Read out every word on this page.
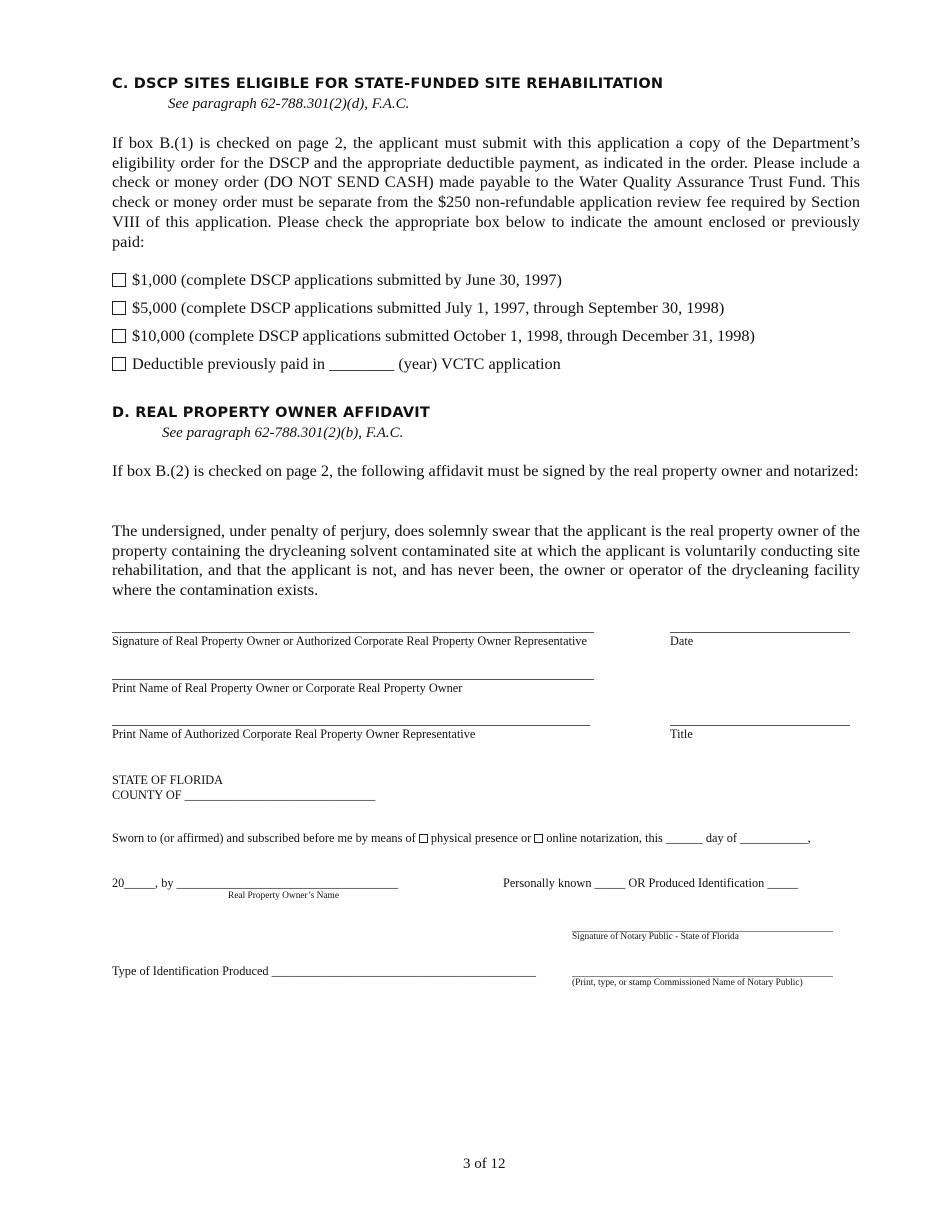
C. DSCP SITES ELIGIBLE FOR STATE-FUNDED SITE REHABILITATION
See paragraph 62-788.301(2)(d), F.A.C.
If box B.(1) is checked on page 2, the applicant must submit with this application a copy of the Department’s eligibility order for the DSCP and the appropriate deductible payment, as indicated in the order. Please include a check or money order (DO NOT SEND CASH) made payable to the Water Quality Assurance Trust Fund. This check or money order must be separate from the $250 non-refundable application review fee required by Section VIII of this application. Please check the appropriate box below to indicate the amount enclosed or previously paid:
$1,000 (complete DSCP applications submitted by June 30, 1997)
$5,000 (complete DSCP applications submitted July 1, 1997, through September 30, 1998)
$10,000 (complete DSCP applications submitted October 1, 1998, through December 31, 1998)
Deductible previously paid in ________ (year) VCTC application
D. REAL PROPERTY OWNER AFFIDAVIT
See paragraph 62-788.301(2)(b), F.A.C.
If box B.(2) is checked on page 2, the following affidavit must be signed by the real property owner and notarized:
The undersigned, under penalty of perjury, does solemnly swear that the applicant is the real property owner of the property containing the drycleaning solvent contaminated site at which the applicant is voluntarily conducting site rehabilitation, and that the applicant is not, and has never been, the owner or operator of the drycleaning facility where the contamination exists.
Signature of Real Property Owner or Authorized Corporate Real Property Owner Representative	Date
Print Name of Real Property Owner or Corporate Real Property Owner
Print Name of Authorized Corporate Real Property Owner Representative	Title
STATE OF FLORIDA
COUNTY OF _______________________________
Sworn to (or affirmed) and subscribed before me by means of physical presence or online notarization, this ______ day of ___________,
20_____, by ____________________________________
Real Property Owner’s Name
Personally known _____ OR Produced Identification _____
Signature of Notary Public - State of Florida
Type of Identification Produced ___________________________________________
(Print, type, or stamp Commissioned Name of Notary Public)
3 of 12
